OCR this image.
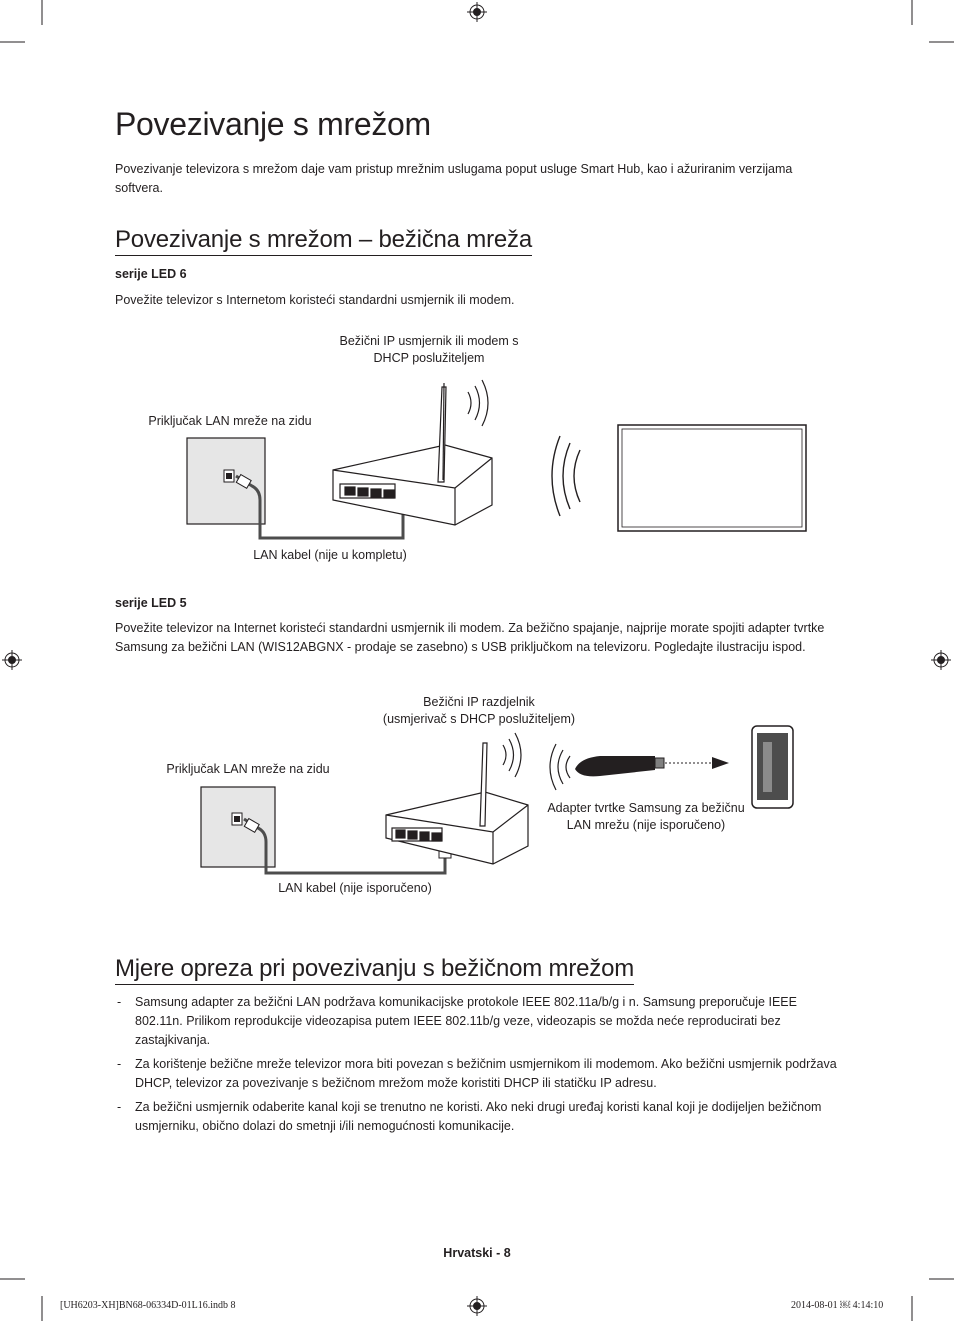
Povezivanje s mrežom
Povezivanje televizora s mrežom daje vam pristup mrežnim uslugama poput usluge Smart Hub, kao i ažuriranim verzijama softvera.
Povezivanje s mrežom – bežična mreža
serije LED 6
Povežite televizor s Internetom koristeći standardni usmjernik ili modem.
Bežični IP usmjernik ili modem s
DHCP poslužiteljem
Priključak LAN mreže na zidu
LAN kabel (nije u kompletu)
serije LED 5
Povežite televizor na Internet koristeći standardni usmjernik ili modem. Za bežično spajanje, najprije morate spojiti adapter tvrtke Samsung za bežični LAN (WIS12ABGNX - prodaje se zasebno) s USB priključkom na televizoru. Pogledajte ilustraciju ispod.
Bežični IP razdjelnik
(usmjerivač s DHCP poslužiteljem)
Priključak LAN mreže na zidu
Adapter tvrtke Samsung za bežičnu
LAN mrežu (nije isporučeno)
LAN kabel (nije isporučeno)
Mjere opreza pri povezivanju s bežičnom mrežom
- Samsung adapter za bežični LAN podržava komunikacijske protokole IEEE 802.11a/b/g i n. Samsung preporučuje IEEE 802.11n. Prilikom reprodukcije videozapisa putem IEEE 802.11b/g veze, videozapis se možda neće reproducirati bez zastajkivanja.
- Za korištenje bežične mreže televizor mora biti povezan s bežičnim usmjernikom ili modemom. Ako bežični usmjernik podržava DHCP, televizor za povezivanje s bežičnom mrežom može koristiti DHCP ili statičku IP adresu.
- Za bežični usmjernik odaberite kanal koji se trenutno ne koristi. Ako neki drugi uređaj koristi kanal koji je dodijeljen bežičnom usmjerniku, obično dolazi do smetnji i/ili nemogućnosti komunikacije.
Hrvatski - 8
[UH6203-XH]BN68-06334D-01L16.indb 8	2014-08-01 ￼ 4:14:10
